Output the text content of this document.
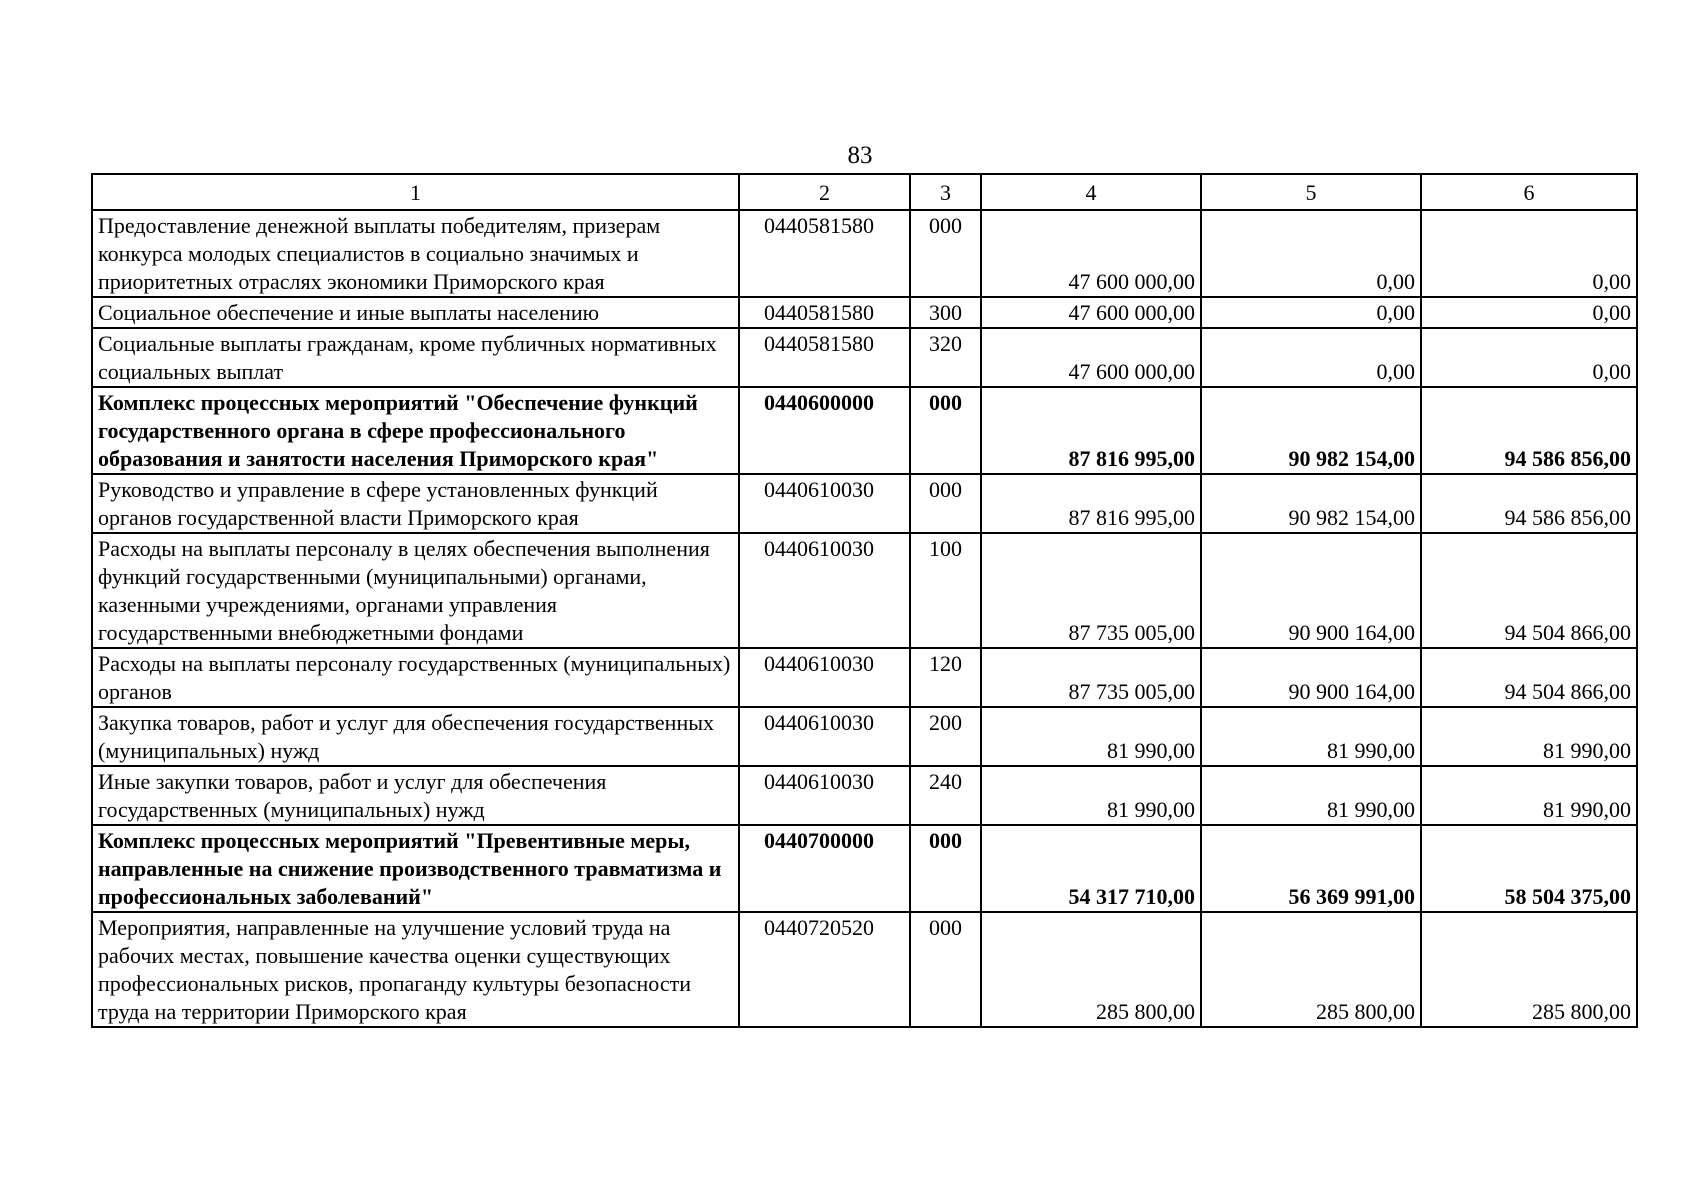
83
1	2	3	4	5	6
Предоставление денежной выплаты победителям, призерам конкурса молодых специалистов в социально значимых и приоритетных отраслях экономики Приморского края	0440581580	000	47 600 000,00	0,00	0,00
Социальное обеспечение и иные выплаты населению	0440581580	300	47 600 000,00	0,00	0,00
Социальные выплаты гражданам, кроме публичных нормативных социальных выплат	0440581580	320	47 600 000,00	0,00	0,00
Комплекс процессных мероприятий "Обеспечение функций государственного органа в сфере профессионального образования и занятости населения Приморского края"	0440600000	000	87 816 995,00	90 982 154,00	94 586 856,00
Руководство и управление в сфере установленных функций органов государственной власти Приморского края	0440610030	000	87 816 995,00	90 982 154,00	94 586 856,00
Расходы на выплаты персоналу в целях обеспечения выполнения функций государственными (муниципальными) органами, казенными учреждениями, органами управления государственными внебюджетными фондами	0440610030	100	87 735 005,00	90 900 164,00	94 504 866,00
Расходы на выплаты персоналу государственных (муниципальных) органов	0440610030	120	87 735 005,00	90 900 164,00	94 504 866,00
Закупка товаров, работ и услуг для обеспечения государственных (муниципальных) нужд	0440610030	200	81 990,00	81 990,00	81 990,00
Иные закупки товаров, работ и услуг для обеспечения государственных (муниципальных) нужд	0440610030	240	81 990,00	81 990,00	81 990,00
Комплекс процессных мероприятий "Превентивные меры, направленные на снижение производственного травматизма и профессиональных заболеваний"	0440700000	000	54 317 710,00	56 369 991,00	58 504 375,00
Мероприятия, направленные на улучшение условий труда на рабочих местах, повышение качества оценки существующих профессиональных рисков, пропаганду культуры безопасности труда на территории Приморского края	0440720520	000	285 800,00	285 800,00	285 800,00
